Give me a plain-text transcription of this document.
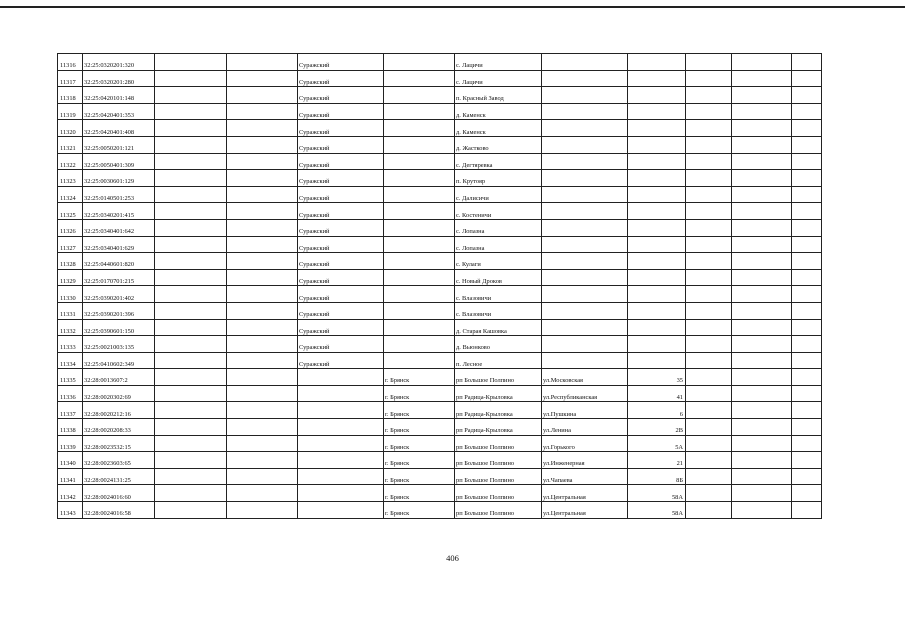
11316	32:25:0320201:320			Суражский		с. Лацичи					
11317	32:25:0320201:280			Суражский		с. Лацичи					
11318	32:25:0420101:148			Суражский		п. Красный Завод					
11319	32:25:0420401:353			Суражский		д. Каменск					
11320	32:25:0420401:408			Суражский		д. Каменск					
11321	32:25:0050201:121			Суражский		д. Жастково					
11322	32:25:0050401:309			Суражский		с. Дегтяревка					
11323	32:25:0030601:129			Суражский		п. Крутояр					
11324	32:25:0140501:253			Суражский		с. Далисичи					
11325	32:25:0340201:415			Суражский		с. Костеничи					
11326	32:25:0340401:642			Суражский		с. Лопазна					
11327	32:25:0340401:629			Суражский		с. Лопазна					
11328	32:25:0440601:820			Суражский		с. Кулаги					
11329	32:25:0170701:215			Суражский		с. Новый Дроков					
11330	32:25:0390201:402			Суражский		с. Влазовичи					
11331	32:25:0390201:396			Суражский		с. Влазовичи					
11332	32:25:0390601:150			Суражский		д. Старая Кашовка					
11333	32:25:0021003:135			Суражский		д. Вьюнково					
11334	32:25:0410602:349			Суражский		п. Лесное					
11335	32:28:0013607:2				г. Брянск	рп Большое Полпино	ул.Московская	35			
11336	32:28:0020302:69				г. Брянск	рп Радица-Крыловка	ул.Республиканская	41			
11337	32:28:0020212:16				г. Брянск	рп Радица-Крыловка	ул.Пушкина	6			
11338	32:28:0020208:33				г. Брянск	рп Радица-Крыловка	ул.Ленина	2В			
11339	32:28:0023532:15				г. Брянск	рп Большое Полпино	ул.Горького	5А			
11340	32:28:0023603:65				г. Брянск	рп Большое Полпино	ул.Инженерная	21			
11341	32:28:0024131:25				г. Брянск	рп Большое Полпино	ул.Чапаева	8Б			
11342	32:28:0024016:60				г. Брянск	рп Большое Полпино	ул.Центральная	58А			
11343	32:28:0024016:58				г. Брянск	рп Большое Полпино	ул.Центральная	58А			
406
